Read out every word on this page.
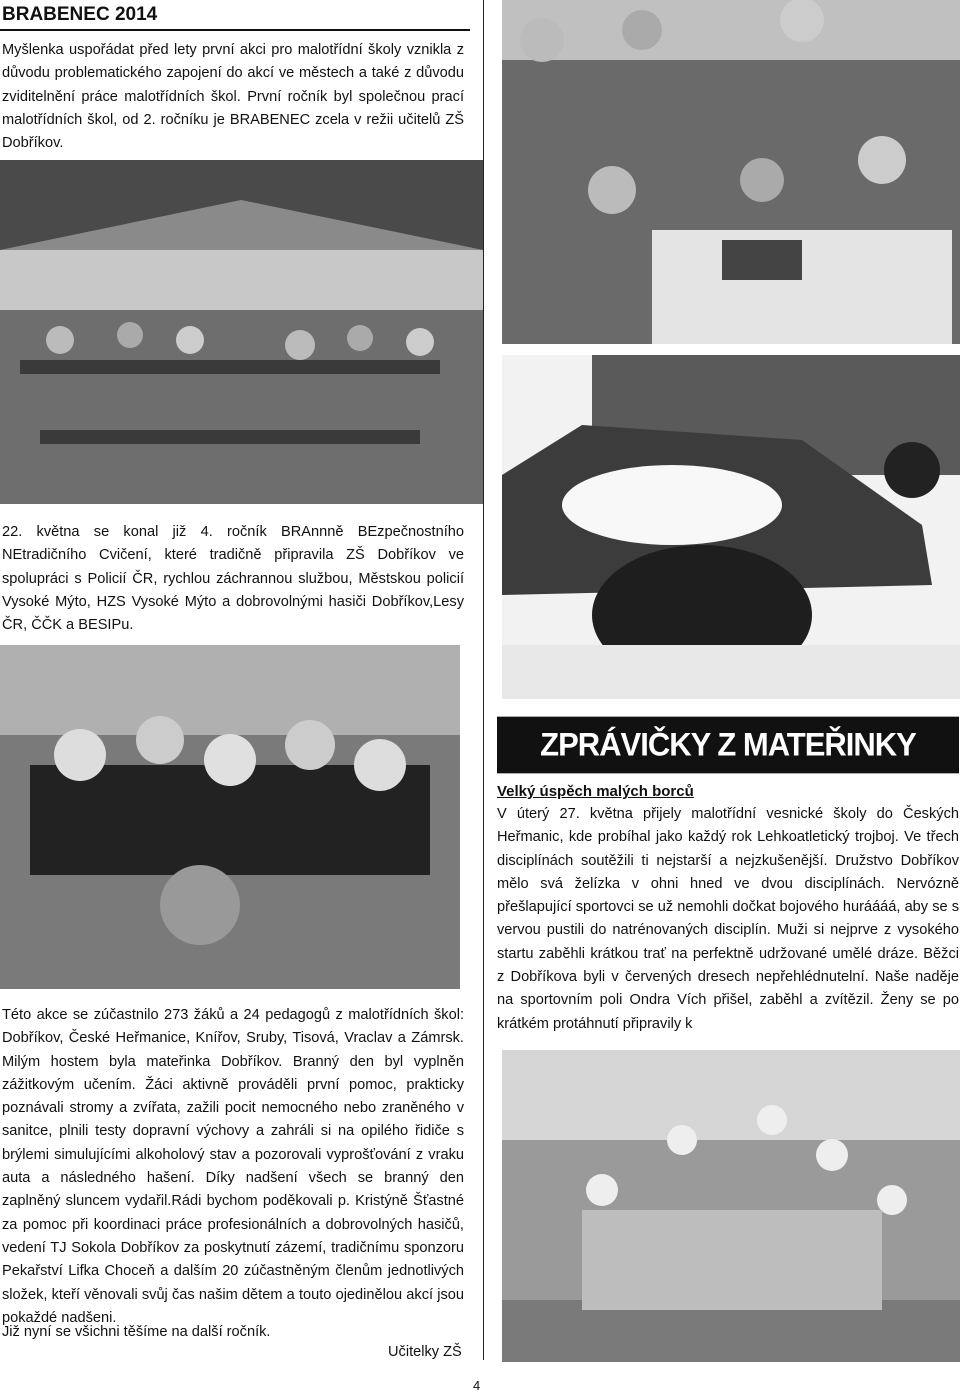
BRABENEC 2014
Myšlenka uspořádat před lety první akci pro malotřídní školy vznikla z důvodu problematického zapojení do akcí ve městech a také z důvodu zviditelnění práce malotřídních škol. První ročník byl společnou prací malotřídních škol, od 2. ročníku je BRABENEC zcela v režii učitelů ZŠ Dobříkov.
22. května se konal již 4. ročník BRAnnně BEzpečnostního NEtradičního Cvičení, které tradičně připravila ZŠ Dobříkov ve spolupráci s Policií ČR, rychlou záchrannou službou, Městskou policií Vysoké Mýto, HZS Vysoké Mýto a dobrovolnými hasiči Dobříkov,Lesy ČR, ČČK a BESIPu.
Této akce se zúčastnilo 273 žáků a 24 pedagogů z malotřídních škol: Dobříkov, České Heřmanice, Knířov, Sruby, Tisová, Vraclav a Zámrsk. Milým hostem byla mateřinka Dobříkov. Branný den byl vyplněn zážitkovým učením. Žáci aktivně prováděli první pomoc, prakticky poznávali stromy a zvířata, zažili pocit nemocného nebo zraněného v sanitce, plnili testy dopravní výchovy a zahráli si na opilého řidiče s brýlemi simulujícími alkoholový stav a pozorovali vyprošťování z vraku auta a následného hašení. Díky nadšení všech se branný den zaplněný sluncem vydařil.Rádi bychom poděkovali p. Kristýně Šťastné za pomoc při koordinaci práce profesionálních a dobrovolných hasičů, vedení TJ Sokola Dobříkov za poskytnutí zázemí, tradičnímu sponzoru Pekařství Lifka Choceň a dalším 20 zúčastněným členům jednotlivých složek, kteří věnovali svůj čas našim dětem a touto ojedinělou akcí jsou pokaždé nadšeni.
Již nyní se všichni těšíme na další ročník.
Učitelky ZŠ
ZPRÁVIČKY Z MATEŘINKY
Velký úspěch malých borců
V úterý 27. května přijely malotřídní vesnické školy do Českých Heřmanic, kde probíhal jako každý rok Lehkoatletický trojboj. Ve třech disciplínách soutěžili ti nejstarší a nejzkušenější. Družstvo Dobříkov mělo svá želízka v ohni hned ve dvou disciplínách. Nervózně přešlapující sportovci se už nemohli dočkat bojového huráááá, aby se s vervou pustili do natrénovaných disciplín. Muži si nejprve z vysokého startu zaběhli krátkou trať na perfektně udržované umělé dráze. Běžci z Dobříkova byli v červených dresech nepřehlédnutelní. Naše naděje na sportovním poli Ondra Vích přišel, zaběhl a zvítězil. Ženy se po krátkém protáhnutí připravily k
4
